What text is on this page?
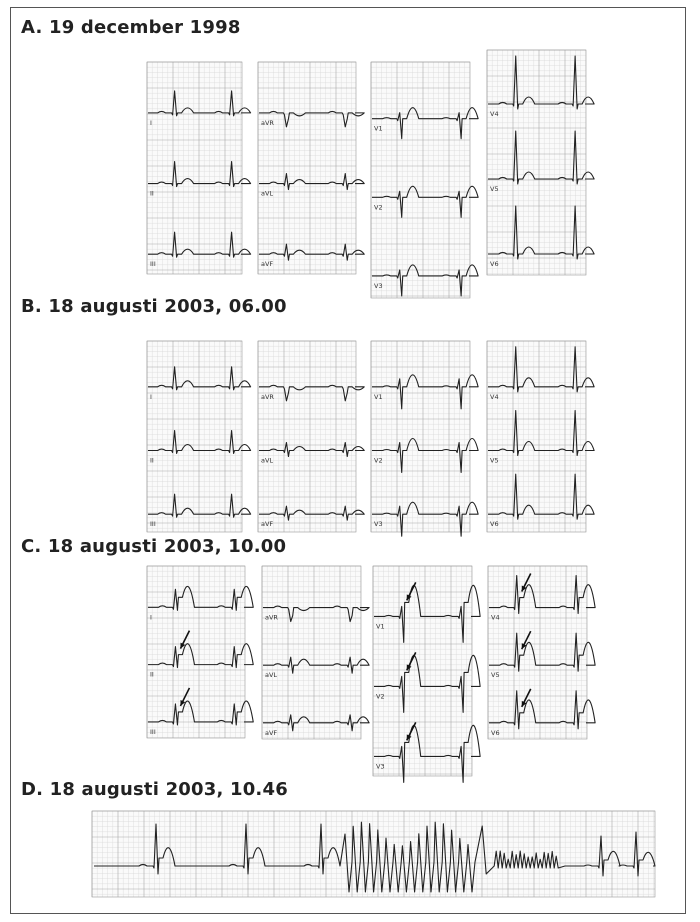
A. 19 december 1998
B. 18 augusti 2003, 06.00
C. 18 augusti 2003, 10.00
D. 18 augusti 2003, 10.46
I
II
III
aVR
aVL
aVF
V1
V2
V3
V4
V5
V6
I
II
III
aVR
aVL
aVF
V1
V2
V3
V4
V5
V6
I
II
III
aVR
aVL
aVF
V1
V2
V3
V4
V5
V6
